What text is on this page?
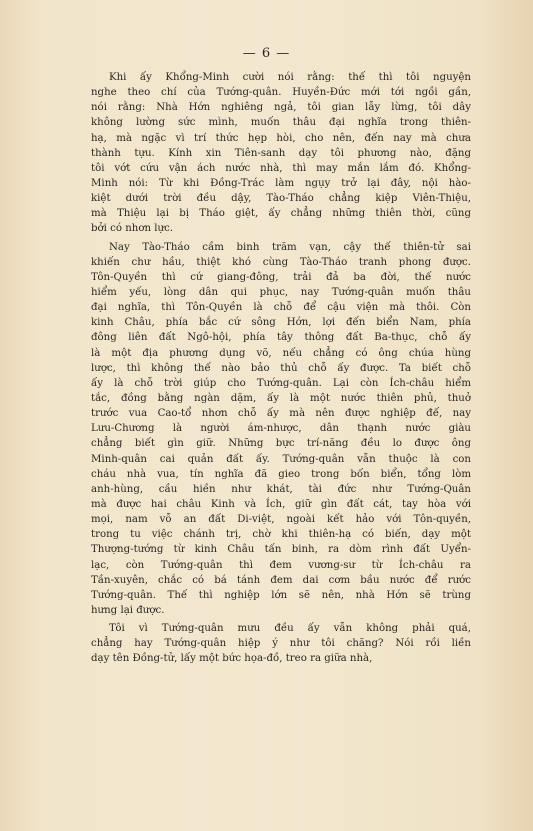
— 6 —
Khi ấy Khổng-Minh cười nói rằng: thế thì tôi nguyện
nghe theo chí của Tướng-quân. Huyền-Đức mới tới ngồi gần,
nói rằng: Nhà Hớn nghiêng ngả, tôi gian lẫy lừng, tôi dây
không lường sức mình, muốn thâu đại nghĩa trong thiên-
hạ, mà ngặc vì trí thức hẹp hòi, cho nên, đến nay mà chưa
thành tựu. Kính xin Tiên-sanh dạy tôi phương nào, đặng
tôi vớt cứu vận ách nước nhà, thì may mắn lắm đó. Khổng-
Minh nói: Từ khi Đồng-Trác làm ngụy trở lại đây, nội hào-
kiệt dưới trời đều dậy, Tào-Tháo chẳng kiệp Viên-Thiệu,
mà Thiệu lại bị Tháo giệt, ấy chẳng những thiên thời, cũng
bởi có nhơn lực.
Nay Tào-Tháo cầm binh trăm vạn, cậy thế thiên-tử sai
khiến chư hầu, thiệt khó cùng Tào-Tháo tranh phong được.
Tôn-Quyền thì cứ giang-đông, trải đả ba đời, thế nước
hiểm yếu, lòng dân qui phục, nay Tướng-quân muốn thâu
đại nghĩa, thì Tôn-Quyền là chỗ để cậu viện mà thôi. Còn
kinh Châu, phía bắc cứ sông Hớn, lợi đến biển Nam, phía
đông liên đất Ngô-hội, phía tây thông đất Ba-thục, chỗ ấy
là một địa phương dụng võ, nếu chẳng có ông chúa hùng
lược, thì không thế nào bảo thủ chỗ ấy được. Ta biết chỗ
ấy là chỗ trời giúp cho Tướng-quân. Lại còn Ích-châu hiểm
tắc, đồng bằng ngàn dặm, ấy là một nước thiên phủ, thuở
trước vua Cao-tổ nhơn chỗ ấy mà nên được nghiệp đế, nay
Lưu-Chương là người ám-nhược, dân thạnh nước giàu
chẳng biết gìn giữ. Những bực trí-năng đều lo được ông
Minh-quân cai quản đất ấy. Tướng-quân vẫn thuộc là con
cháu nhà vua, tín nghĩa đã gieo trong bốn biển, tổng lòm
anh-hùng, cầu hiền như khát, tài đức như Tướng-Quân
mà được hai châu Kinh và Ích, giữ gìn đất cát, tay hòa với
mọi, nam vỗ an đất Di-việt, ngoài kết hảo với Tôn-quyền,
trong tu việc chánh trị, chờ khi thiên-hạ có biến, dạy một
Thượng-tướng từ kinh Châu tấn binh, ra dòm rình đất Uyển-
lạc, còn Tướng-quân thì đem vương-sư từ Ích-châu ra
Tần-xuyên, chắc có bá tánh đem dai cơm bầu nước để rước
Tướng-quân. Thế thì nghiệp lớn sẽ nên, nhà Hớn sẽ trùng
hưng lại được.
Tôi vì Tướng-quân mưu đều ấy vẫn không phải quá,
chẳng hay Tướng-quân hiệp ý như tôi chăng? Nói rồi liền
dạy tên Đồng-tử, lấy một bức họa-đồ, treo ra giữa nhà,
